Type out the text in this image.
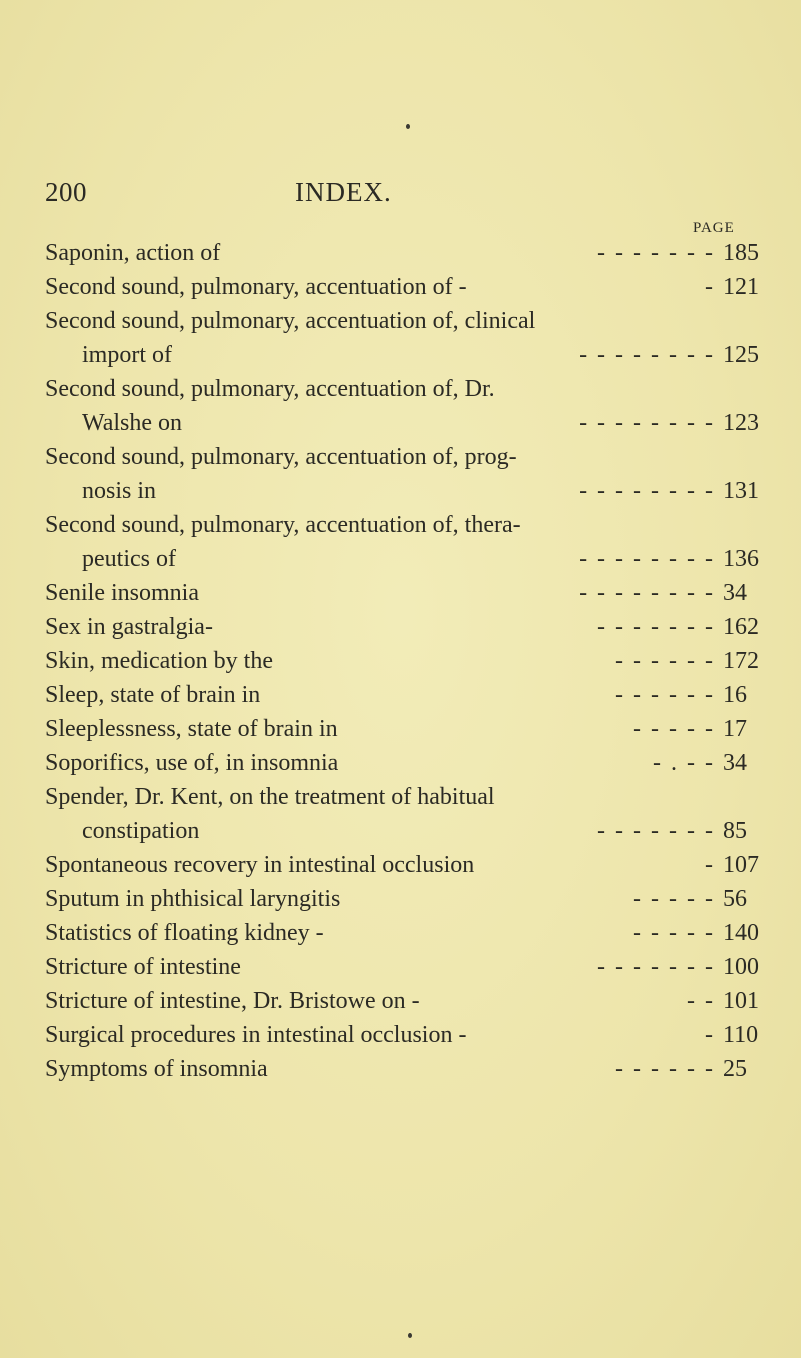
200	INDEX.
PAGE
Saponin, action of	- - - - - - - 185
Second sound, pulmonary, accentuation of -	- 121
Second sound, pulmonary, accentuation of, clinical
import of	- - - - - - - - 125
Second sound, pulmonary, accentuation of, Dr.
Walshe on	- - - - - - - - 123
Second sound, pulmonary, accentuation of, prog-
nosis in	- - - - - - - - 131
Second sound, pulmonary, accentuation of, thera-
peutics of	- - - - - - - - 136
Senile insomnia	- - - - - - - - 34
Sex in gastralgia-	- - - - - - - 162
Skin, medication by the	- - - - - - 172
Sleep, state of brain in	- - - - - - 16
Sleeplessness, state of brain in	- - - - - 17
Soporifics, use of, in insomnia	- . - - 34
Spender, Dr. Kent, on the treatment of habitual
constipation	- - - - - - - 85
Spontaneous recovery in intestinal occlusion	- 107
Sputum in phthisical laryngitis	- - - - - 56
Statistics of floating kidney -	- - - - - 140
Stricture of intestine	- - - - - - - 100
Stricture of intestine, Dr. Bristowe on -	- - 101
Surgical procedures in intestinal occlusion -	- 110
Symptoms of insomnia	- - - - - - 25
